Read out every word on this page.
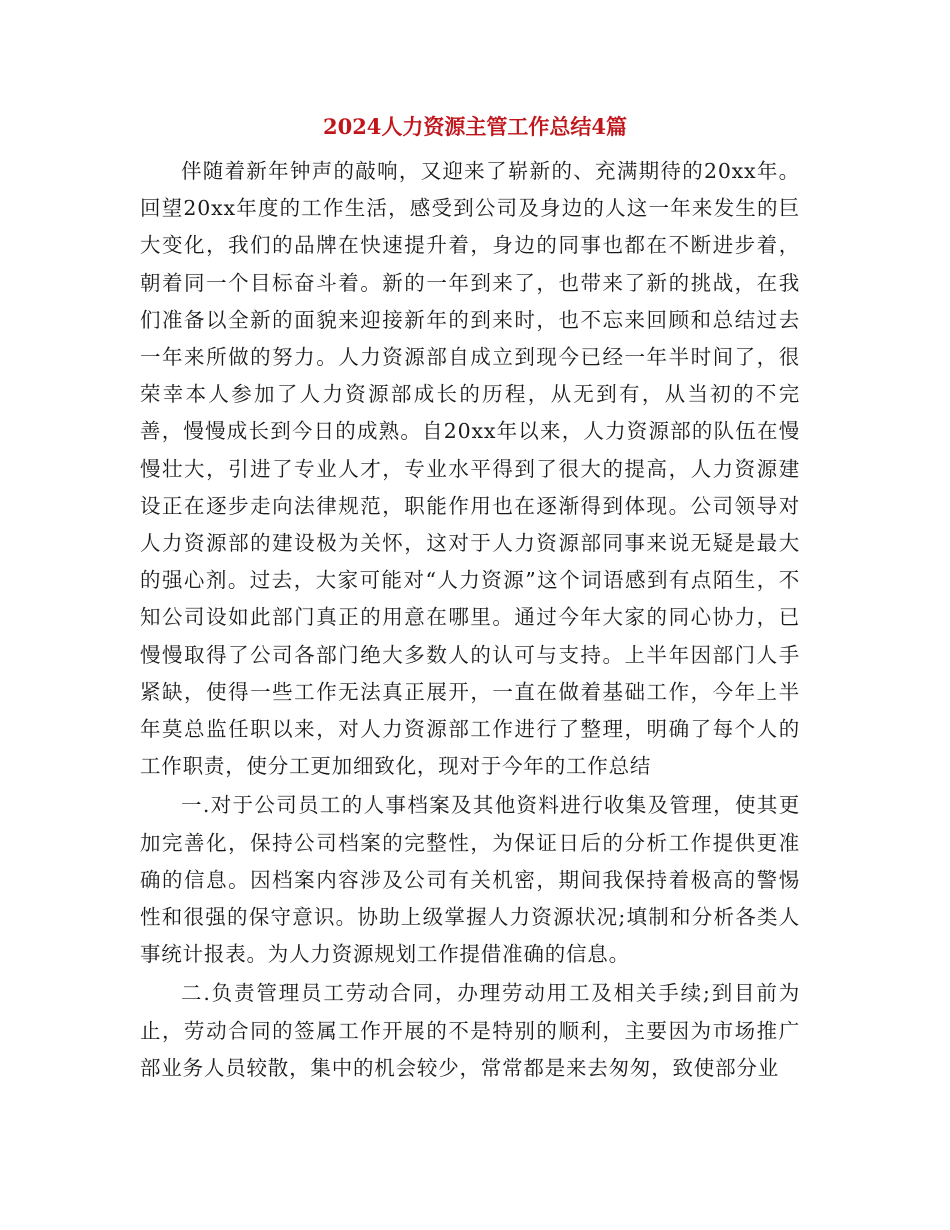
2024人力资源主管工作总结4篇

伴随着新年钟声的敲响，又迎来了崭新的、充满期待的20xx年。回望20xx年度的工作生活，感受到公司及身边的人这一年来发生的巨大变化，我们的品牌在快速提升着，身边的同事也都在不断进步着，朝着同一个目标奋斗着。新的一年到来了，也带来了新的挑战，在我们准备以全新的面貌来迎接新年的到来时，也不忘来回顾和总结过去一年来所做的努力。人力资源部自成立到现今已经一年半时间了，很荣幸本人参加了人力资源部成长的历程，从无到有，从当初的不完善，慢慢成长到今日的成熟。自20xx年以来，人力资源部的队伍在慢慢壮大，引进了专业人才，专业水平得到了很大的提高，人力资源建设正在逐步走向法律规范，职能作用也在逐渐得到体现。公司领导对人力资源部的建设极为关怀，这对于人力资源部同事来说无疑是最大的强心剂。过去，大家可能对“人力资源”这个词语感到有点陌生，不知公司设如此部门真正的用意在哪里。通过今年大家的同心协力，已慢慢取得了公司各部门绝大多数人的认可与支持。上半年因部门人手紧缺，使得一些工作无法真正展开，一直在做着基础工作，今年上半年莫总监任职以来，对人力资源部工作进行了整理，明确了每个人的工作职责，使分工更加细致化，现对于今年的工作总结

一.对于公司员工的人事档案及其他资料进行收集及管理，使其更加完善化，保持公司档案的完整性，为保证日后的分析工作提供更准确的信息。因档案内容涉及公司有关机密，期间我保持着极高的警惕性和很强的保守意识。协助上级掌握人力资源状况;填制和分析各类人事统计报表。为人力资源规划工作提借准确的信息。

二.负责管理员工劳动合同，办理劳动用工及相关手续;到目前为止，劳动合同的签属工作开展的不是特别的顺利，主要因为市场推广部业务人员较散，集中的机会较少，常常都是来去匆匆，致使部分业
